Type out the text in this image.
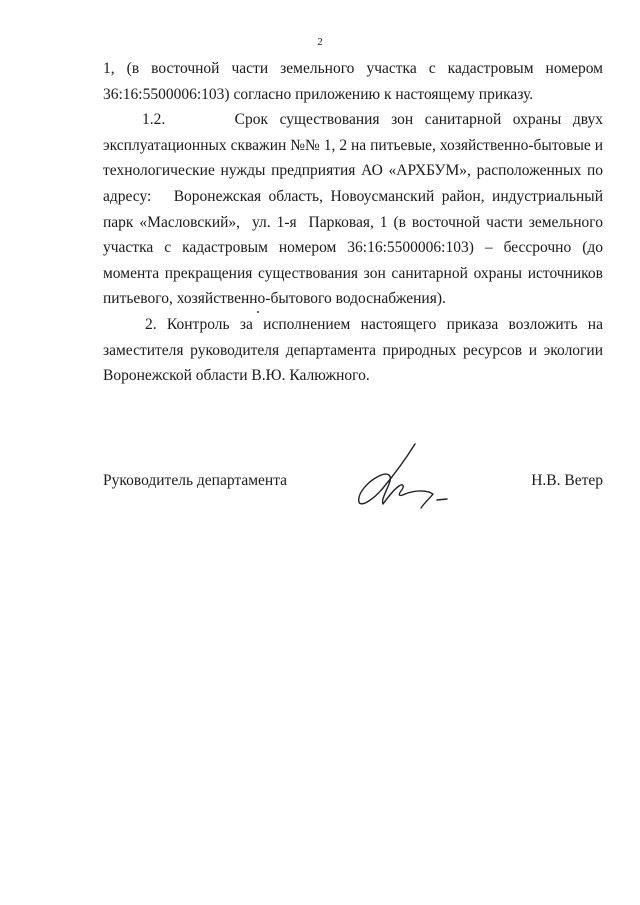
2

1, (в восточной части земельного участка с кадастровым номером 36:16:5500006:103) согласно приложению к настоящему приказу.

1.2.      Срок существования зон санитарной охраны двух эксплуатационных скважин №№ 1, 2 на питьевые, хозяйственно-бытовые и технологические нужды предприятия АО «АРХБУМ», расположенных по адресу:   Воронежская область, Новоусманский район, индустриальный парк «Масловский»,  ул. 1-я  Парковая, 1 (в восточной части земельного участка с кадастровым номером 36:16:5500006:103) – бессрочно (до момента прекращения существования зон санитарной охраны источников питьевого, хозяйственно-бытового водоснабжения).

2. Контроль за исполнением настоящего приказа возложить на заместителя руководителя департамента природных ресурсов и экологии Воронежской области В.Ю. Калюжного.

Руководитель департамента	Н.В. Ветер
